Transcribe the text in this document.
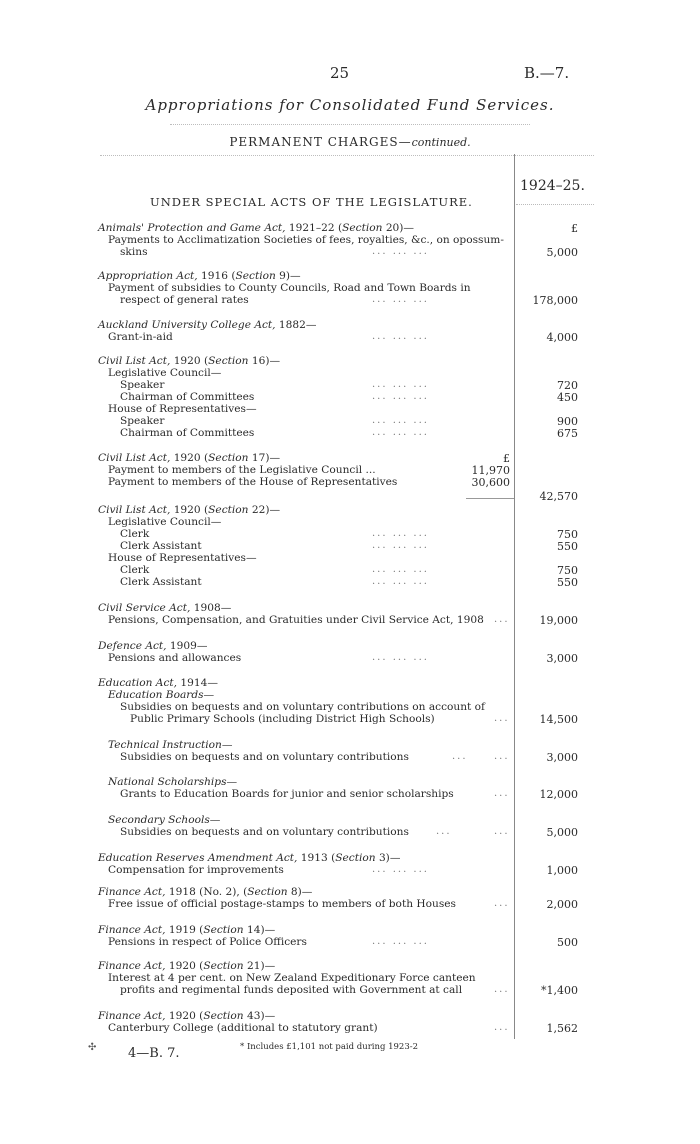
25	B.—7.
Appropriations for Consolidated Fund Services.
PERMANENT CHARGES—continued.
1924–25.
UNDER SPECIAL ACTS OF THE LEGISLATURE.
Animals' Protection and Game Act, 1921–22 (Section 20)—	£
Payments to Acclimatization Societies of fees, royalties, &c., on opossum-
skins	... ... ...	5,000
Appropriation Act, 1916 (Section 9)—
Payment of subsidies to County Councils, Road and Town Boards in
respect of general rates	... ... ...	178,000
Auckland University College Act, 1882—
Grant-in-aid	... ... ...	4,000
Civil List Act, 1920 (Section 16)—
Legislative Council—
Speaker	... ... ...	720
Chairman of Committees	... ... ...	450
House of Representatives—
Speaker	... ... ...	900
Chairman of Committees	... ... ...	675
Civil List Act, 1920 (Section 17)—	£
Payment to members of the Legislative Council ...	11,970
Payment to members of the House of Representatives	30,600
42,570
Civil List Act, 1920 (Section 22)—
Legislative Council—
Clerk	... ... ...	750
Clerk Assistant	... ... ...	550
House of Representatives—
Clerk	... ... ...	750
Clerk Assistant	... ... ...	550
Civil Service Act, 1908—
Pensions, Compensation, and Gratuities under Civil Service Act, 1908 ...	19,000
Defence Act, 1909—
Pensions and allowances	... ... ...	3,000
Education Act, 1914—
Education Boards—
Subsidies on bequests and on voluntary contributions on account of
Public Primary Schools (including District High Schools)	...	14,500
Technical Instruction—
Subsidies on bequests and on voluntary contributions	...	...	3,000
National Scholarships—
Grants to Education Boards for junior and senior scholarships	...	12,000
Secondary Schools—
Subsidies on bequests and on voluntary contributions	...	...	5,000
Education Reserves Amendment Act, 1913 (Section 3)—
Compensation for improvements	... ... ...	1,000
Finance Act, 1918 (No. 2), (Section 8)—
Free issue of official postage-stamps to members of both Houses	...	2,000
Finance Act, 1919 (Section 14)—
Pensions in respect of Police Officers	... ... ...	500
Finance Act, 1920 (Section 21)—
Interest at 4 per cent. on New Zealand Expeditionary Force canteen
profits and regimental funds deposited with Government at call	...	*1,400
Finance Act, 1920 (Section 43)—
Canterbury College (additional to statutory grant)	...	1,562
✣ 4—B. 7.	* Includes £1,101 not paid during 1923-2
